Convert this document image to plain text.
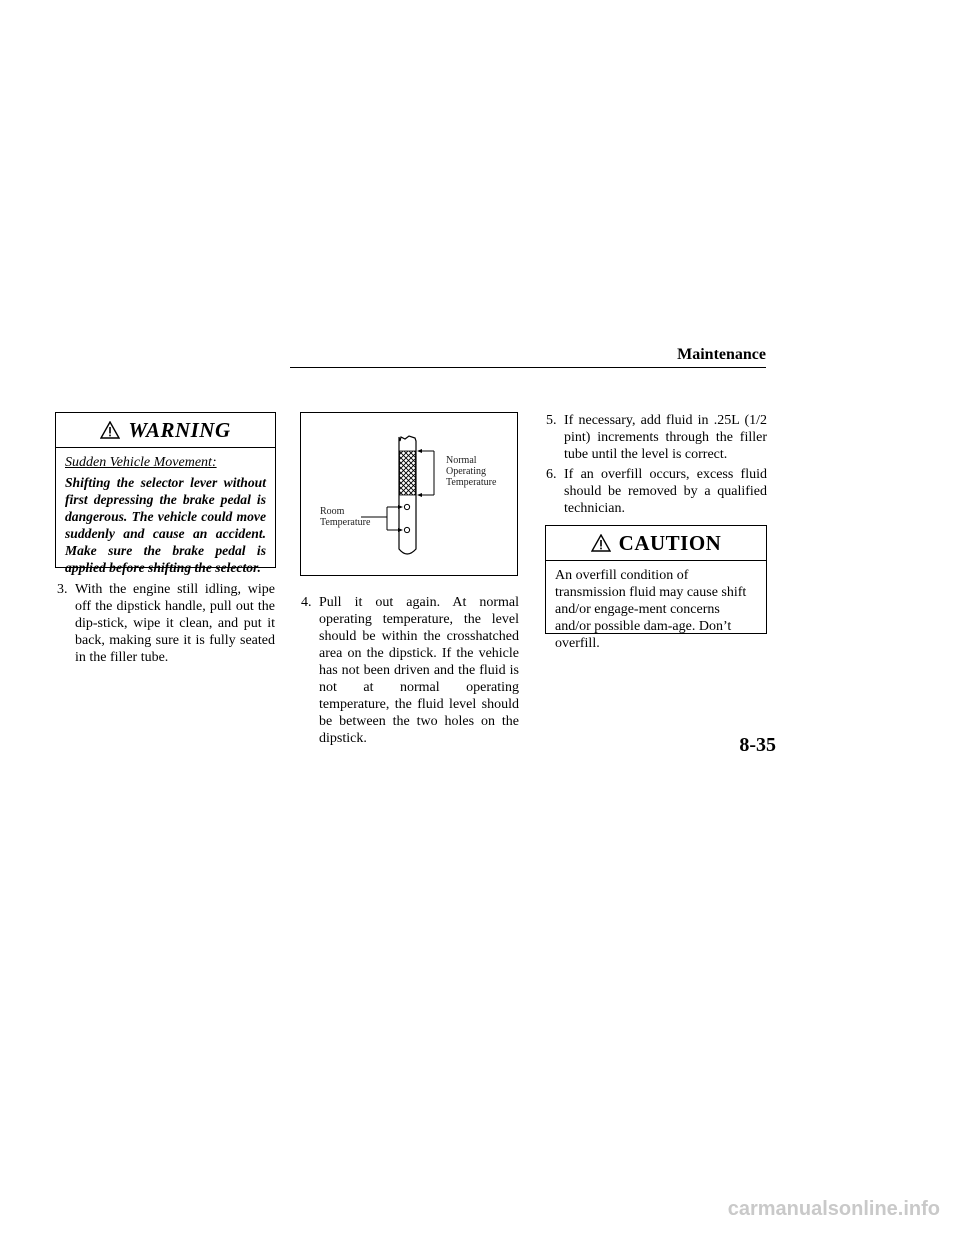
Maintenance
WARNING
Sudden Vehicle Movement:
Shifting the selector lever without first depressing the brake pedal is dangerous. The vehicle could move suddenly and cause an accident. Make sure the brake pedal is applied before shifting the selector.
3. With the engine still idling, wipe off the dipstick handle, pull out the dip-stick, wipe it clean, and put it back, making sure it is fully seated in the filler tube.
Normal
Operating
Temperature
Room
Temperature
4. Pull it out again. At normal operating temperature, the level should be within the crosshatched area on the dipstick. If the vehicle has not been driven and the fluid is not at normal operating temperature, the fluid level should be between the two holes on the dipstick.
5. If necessary, add fluid in .25L (1/2 pint) increments through the filler tube until the level is correct.
6. If an overfill occurs, excess fluid should be removed by a qualified technician.
CAUTION
An overfill condition of transmission fluid may cause shift and/or engage-ment concerns and/or possible dam-age. Don’t overfill.
8-35
carmanualsonline.info
